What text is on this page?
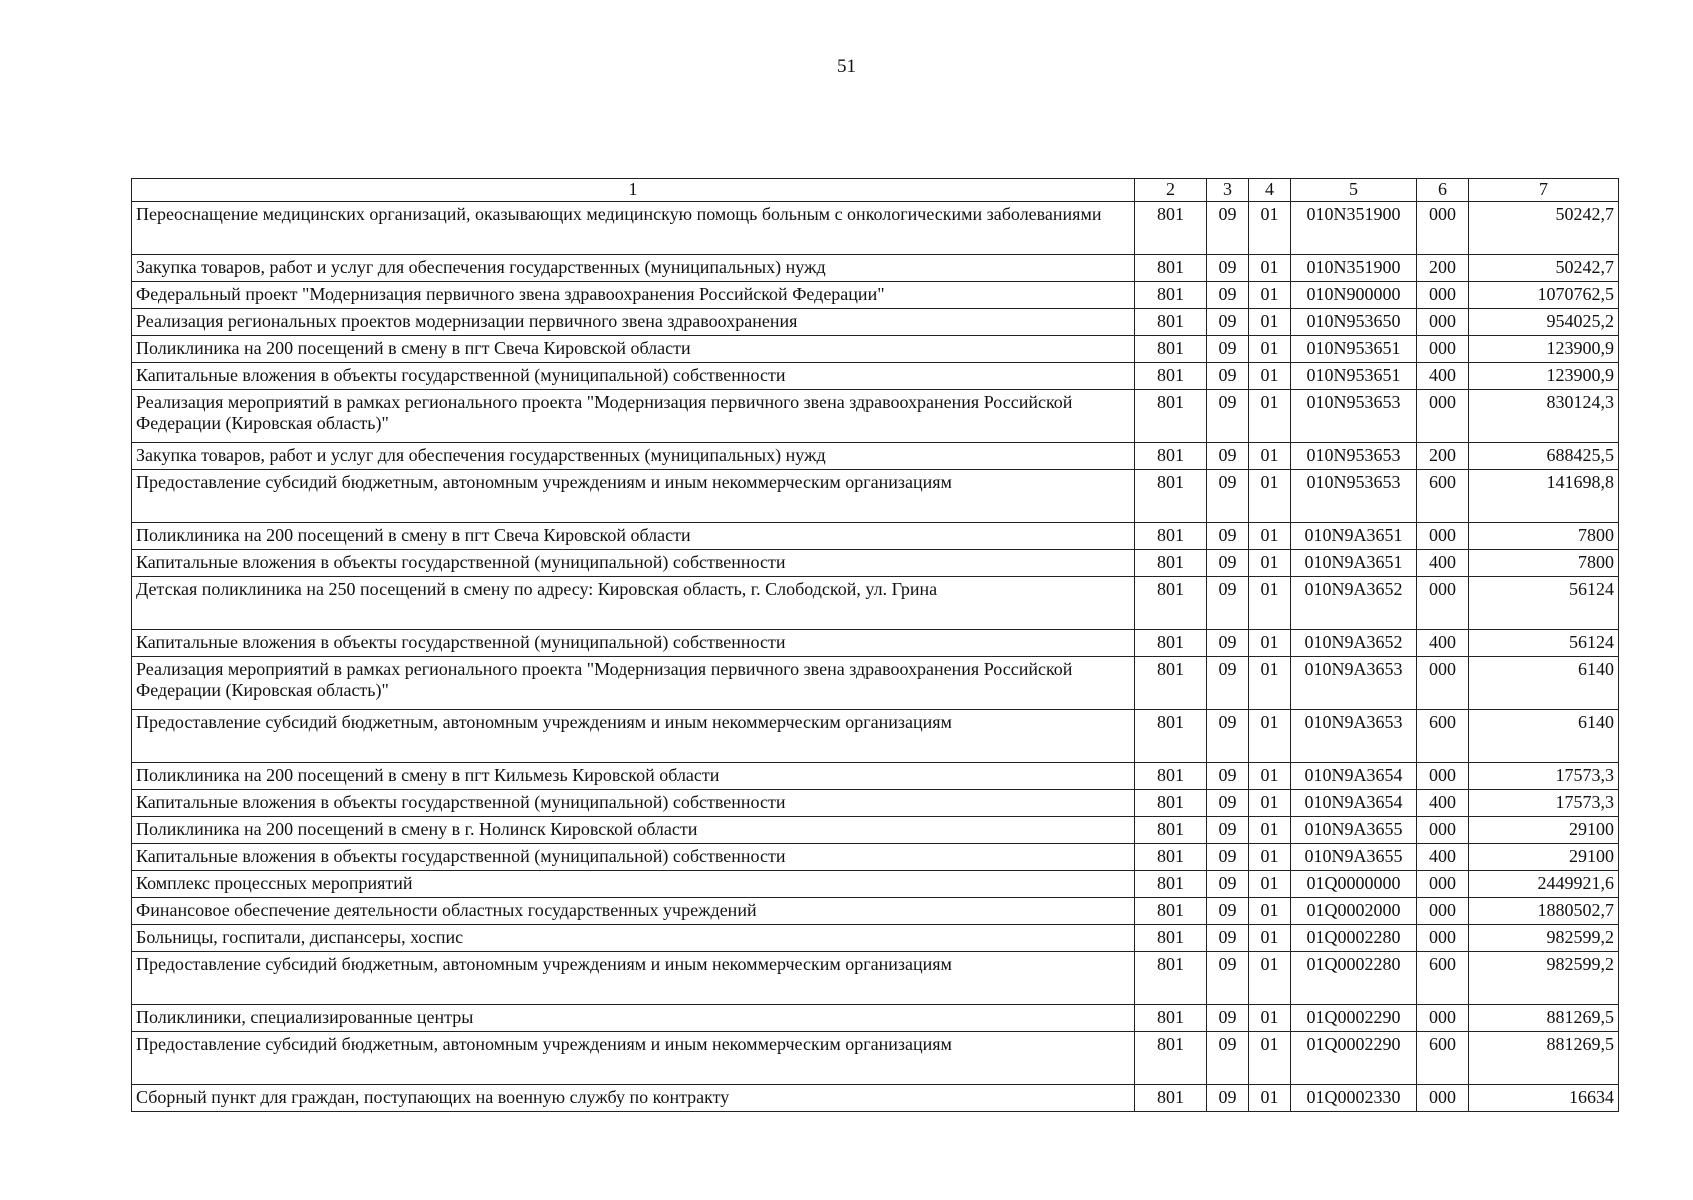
51
1	2	3	4	5	6	7
Переоснащение медицинских организаций, оказывающих медицинскую помощь больным с онкологическими заболеваниями	801	09	01	010N351900	000	50242,7
Закупка товаров, работ и услуг для обеспечения государственных (муниципальных) нужд	801	09	01	010N351900	200	50242,7
Федеральный проект "Модернизация первичного звена здравоохранения Российской Федерации"	801	09	01	010N900000	000	1070762,5
Реализация региональных проектов модернизации первичного звена здравоохранения	801	09	01	010N953650	000	954025,2
Поликлиника на 200 посещений в смену в пгт Свеча Кировской области	801	09	01	010N953651	000	123900,9
Капитальные вложения в объекты государственной (муниципальной) собственности	801	09	01	010N953651	400	123900,9
Реализация мероприятий в рамках регионального проекта "Модернизация первичного звена здравоохранения Российской Федерации (Кировская область)"	801	09	01	010N953653	000	830124,3
Закупка товаров, работ и услуг для обеспечения государственных (муниципальных) нужд	801	09	01	010N953653	200	688425,5
Предоставление субсидий бюджетным, автономным учреждениям и иным некоммерческим организациям	801	09	01	010N953653	600	141698,8
Поликлиника на 200 посещений в смену в пгт Свеча Кировской области	801	09	01	010N9A3651	000	7800
Капитальные вложения в объекты государственной (муниципальной) собственности	801	09	01	010N9A3651	400	7800
Детская поликлиника на 250 посещений в смену по адресу: Кировская область, г. Слободской, ул. Грина	801	09	01	010N9A3652	000	56124
Капитальные вложения в объекты государственной (муниципальной) собственности	801	09	01	010N9A3652	400	56124
Реализация мероприятий в рамках регионального проекта "Модернизация первичного звена здравоохранения Российской Федерации (Кировская область)"	801	09	01	010N9A3653	000	6140
Предоставление субсидий бюджетным, автономным учреждениям и иным некоммерческим организациям	801	09	01	010N9A3653	600	6140
Поликлиника на 200 посещений в смену в пгт Кильмезь Кировской области	801	09	01	010N9A3654	000	17573,3
Капитальные вложения в объекты государственной (муниципальной) собственности	801	09	01	010N9A3654	400	17573,3
Поликлиника на 200 посещений в смену в г. Нолинск Кировской области	801	09	01	010N9A3655	000	29100
Капитальные вложения в объекты государственной (муниципальной) собственности	801	09	01	010N9A3655	400	29100
Комплекс процессных мероприятий	801	09	01	01Q0000000	000	2449921,6
Финансовое обеспечение деятельности областных государственных учреждений	801	09	01	01Q0002000	000	1880502,7
Больницы, госпитали, диспансеры, хоспис	801	09	01	01Q0002280	000	982599,2
Предоставление субсидий бюджетным, автономным учреждениям и иным некоммерческим организациям	801	09	01	01Q0002280	600	982599,2
Поликлиники, специализированные центры	801	09	01	01Q0002290	000	881269,5
Предоставление субсидий бюджетным, автономным учреждениям и иным некоммерческим организациям	801	09	01	01Q0002290	600	881269,5
Сборный пункт для граждан, поступающих на военную службу по контракту	801	09	01	01Q0002330	000	16634
